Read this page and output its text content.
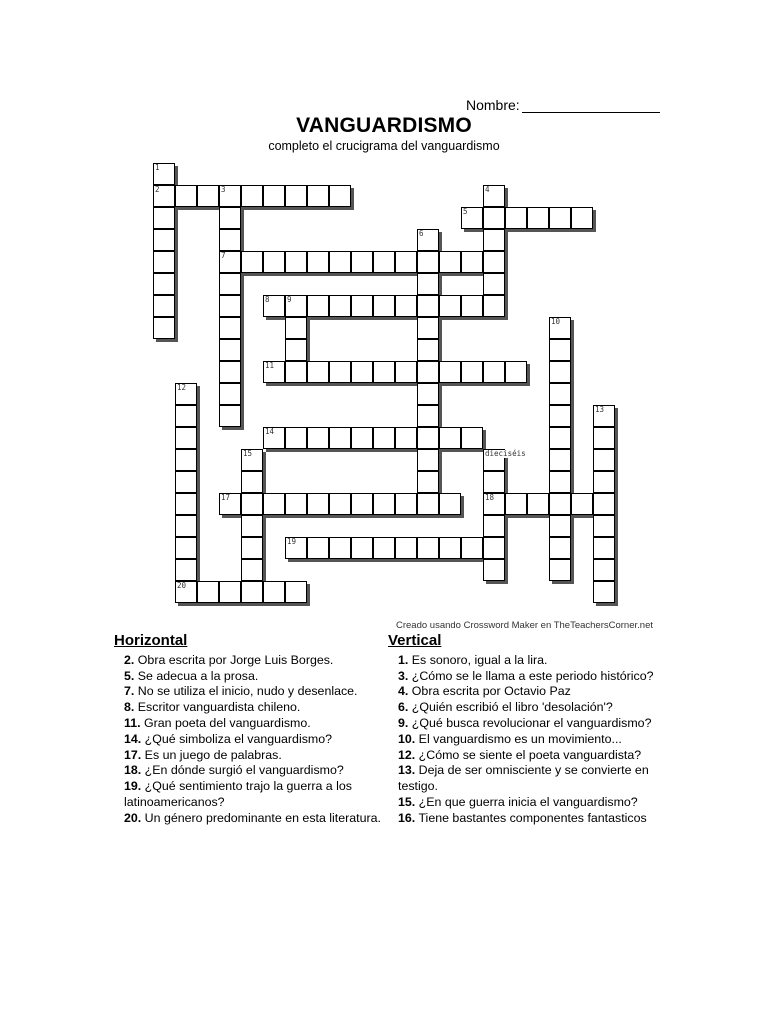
Nombre:
VANGUARDISMO
completo el crucigrama del vanguardismo
2
5
7
8
11
14
17	18
19
20
1
3	4
6
9
10
12
13
15	dieciséis
Creado usando Crossword Maker en TheTeachersCorner.net
Horizontal
2. Obra escrita por Jorge Luis Borges.
5. Se adecua a la prosa.
7. No se utiliza el inicio, nudo y desenlace.
8. Escritor vanguardista chileno.
11. Gran poeta del vanguardismo.
14. ¿Qué simboliza el vanguardismo?
17. Es un juego de palabras.
18. ¿En dónde surgió el vanguardismo?
19. ¿Qué sentimiento trajo la guerra a los latinoamericanos?
20. Un género predominante en esta literatura.
Vertical
1. Es sonoro, igual a la lira.
3. ¿Cómo se le llama a este periodo histórico?
4. Obra escrita por Octavio Paz
6. ¿Quién escribió el libro 'desolación'?
9. ¿Qué busca revolucionar el vanguardismo?
10. El vanguardismo es un movimiento...
12. ¿Cómo se siente el poeta vanguardista?
13. Deja de ser omnisciente y se convierte en testigo.
15. ¿En que guerra inicia el vanguardismo?
16. Tiene bastantes componentes fantasticos
